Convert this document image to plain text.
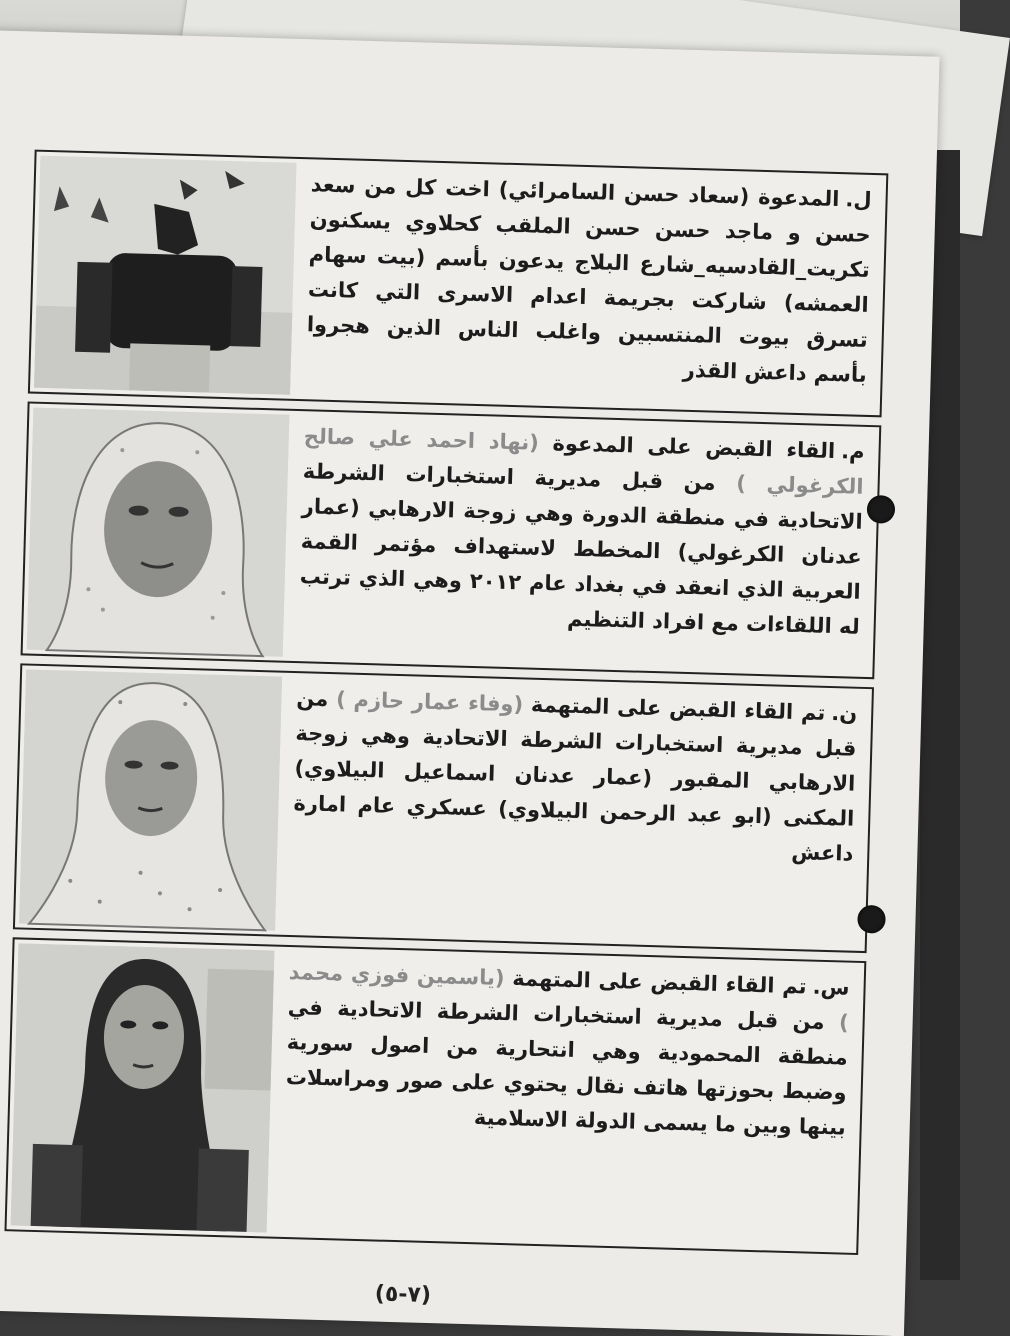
ل.المدعوة (سعاد حسن السامرائي) اخت كل من سعد حسن و ماجد حسن حسن الملقب كحلاوي يسكنون تكريت_القادسيه_شارع البلاج يدعون بأسم (بيت سهام العمشه) شاركت بجريمة اعدام الاسرى التي كانت تسرق بيوت المنتسبين واغلب الناس الذين هجروا بأسم داعش القذر
م.القاء القبض على المدعوة (نهاد احمد علي صالح الكرغولي ) من قبل مديرية استخبارات الشرطة الاتحادية في منطقة الدورة وهي زوجة الارهابي (عمار عدنان الكرغولي) المخطط لاستهداف مؤتمر القمة العربية الذي انعقد في بغداد عام ٢٠١٢ وهي الذي ترتب له اللقاءات مع افراد التنظيم
ن.تم القاء القبض على المتهمة (وفاء عمار حازم ) من قبل مديرية استخبارات الشرطة الاتحادية وهي زوجة الارهابي المقبور (عمار عدنان اسماعيل البيلاوي) المكنى (ابو عبد الرحمن البيلاوي) عسكري عام امارة داعش
س.تم القاء القبض على المتهمة (ياسمين فوزي محمد ) من قبل مديرية استخبارات الشرطة الاتحادية في منطقة المحمودية وهي انتحارية من اصول سورية وضبط بحوزتها هاتف نقال يحتوي على صور ومراسلات بينها وبين ما يسمى الدولة الاسلامية
(٧-٥)
